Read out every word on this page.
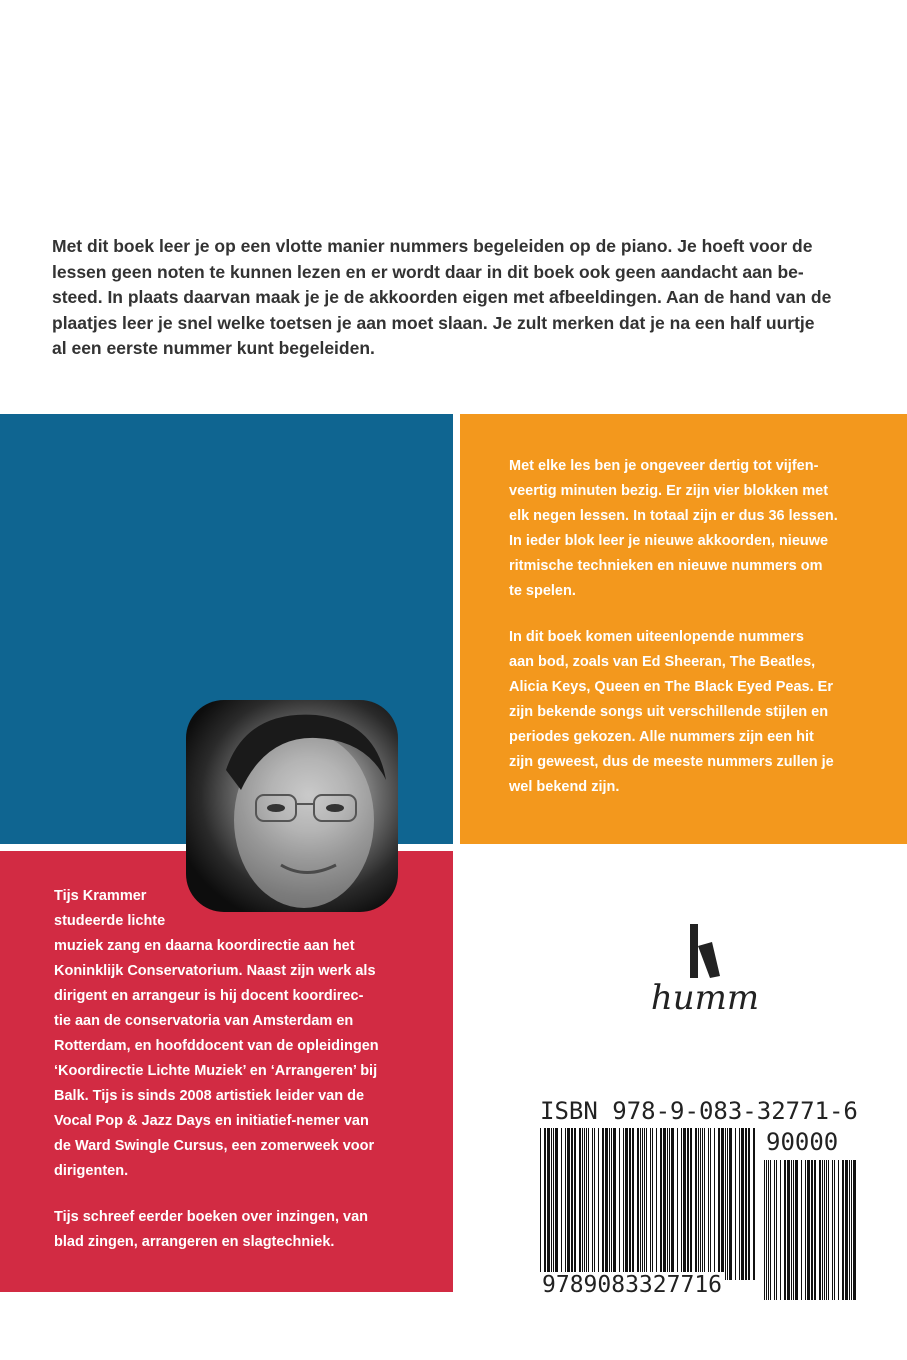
Met dit boek leer je op een vlotte manier nummers begeleiden op de piano. Je hoeft voor de
lessen geen noten te kunnen lezen en er wordt daar in dit boek ook geen aandacht aan be-
steed. In plaats daarvan maak je je de akkoorden eigen met afbeeldingen. Aan de hand van de
plaatjes leer je snel welke toetsen je aan moet slaan. Je zult merken dat je na een half uurtje
al een eerste nummer kunt begeleiden.

Met elke les ben je ongeveer dertig tot vijfen-
veertig minuten bezig. Er zijn vier blokken met
elk negen lessen. In totaal zijn er dus 36 lessen.
In ieder blok leer je nieuwe akkoorden, nieuwe
ritmische technieken en nieuwe nummers om
te spelen.

In dit boek komen uiteenlopende nummers
aan bod, zoals van Ed Sheeran, The Beatles,
Alicia Keys, Queen en The Black Eyed Peas. Er
zijn bekende songs uit verschillende stijlen en
periodes gekozen. Alle nummers zijn een hit
zijn geweest, dus de meeste nummers zullen je
wel bekend zijn.

Tijs Krammer
studeerde lichte
muziek zang en daarna koordirectie aan het
Koninklijk Conservatorium. Naast zijn werk als
dirigent en arrangeur is hij docent koordirec-
tie aan de conservatoria van Amsterdam en
Rotterdam, en hoofddocent van de opleidingen
‘Koordirectie Lichte Muziek’ en ‘Arrangeren’ bij
Balk. Tijs is sinds 2008 artistiek leider van de
Vocal Pop & Jazz Days en initiatief-nemer van
de Ward Swingle Cursus, een zomerweek voor
dirigenten.

Tijs schreef eerder boeken over inzingen, van
blad zingen, arrangeren en slagtechniek.

humm
ISBN 978-9-083-32771-6
90000
9789083327716
